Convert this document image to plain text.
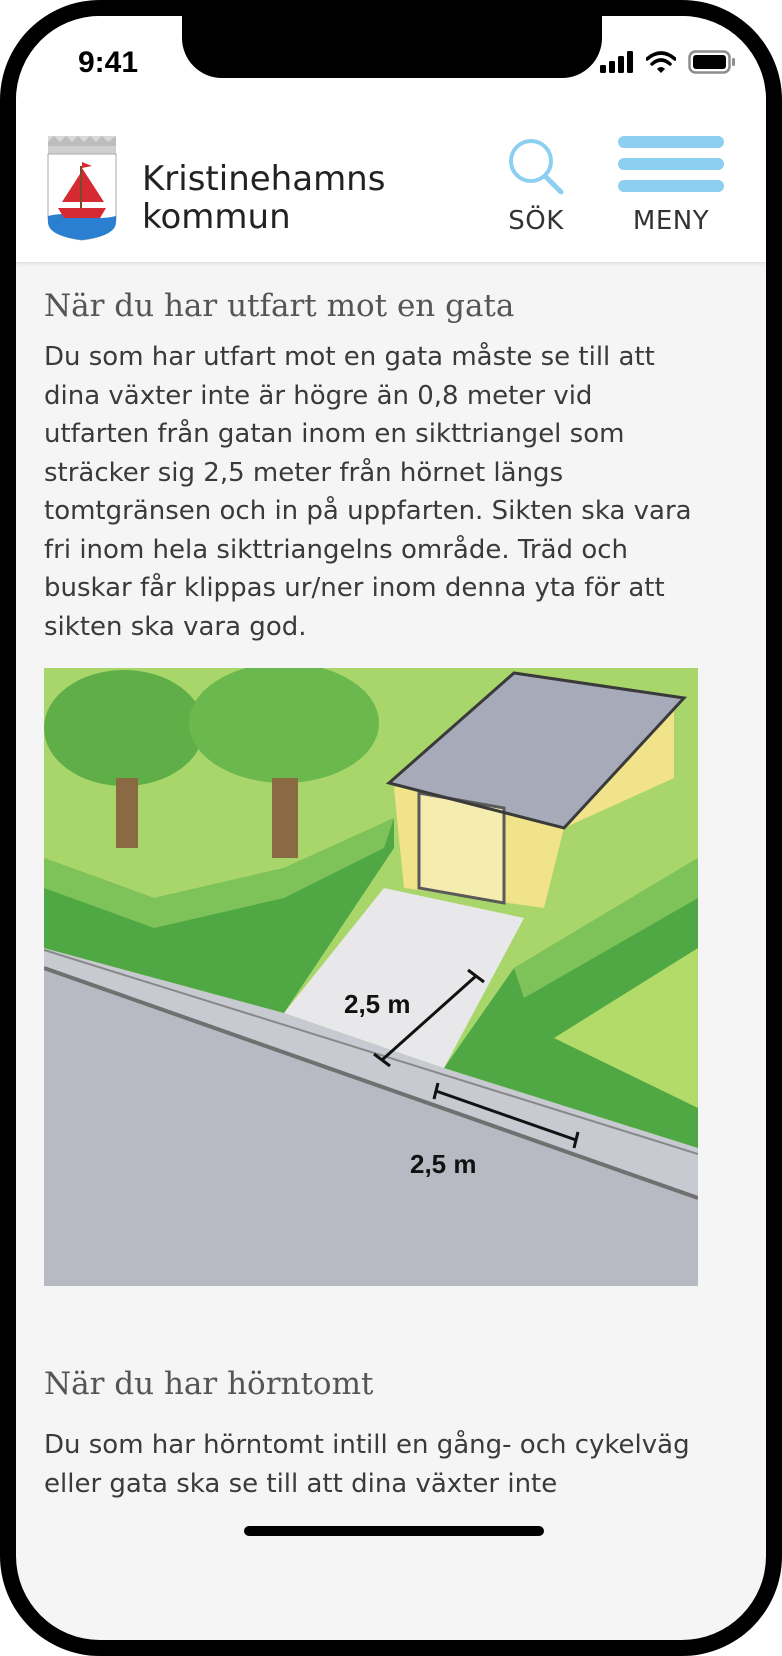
9:41
Kristinehamns
kommun	SÖK	MENY
När du har utfart mot en gata

Du som har utfart mot en gata måste se till att dina växter inte är högre än 0,8 meter vid utfarten från gatan inom en sikttriangel som sträcker sig 2,5 meter från hörnet längs tomtgränsen och in på uppfarten. Sikten ska vara fri inom hela sikttriangelns område. Träd och buskar får klippas ur/ner inom denna yta för att sikten ska vara god.

2,5 m
2,5 m
När du har hörntomt

Du som har hörntomt intill en gång- och cykelväg eller gata ska se till att dina växter inte
